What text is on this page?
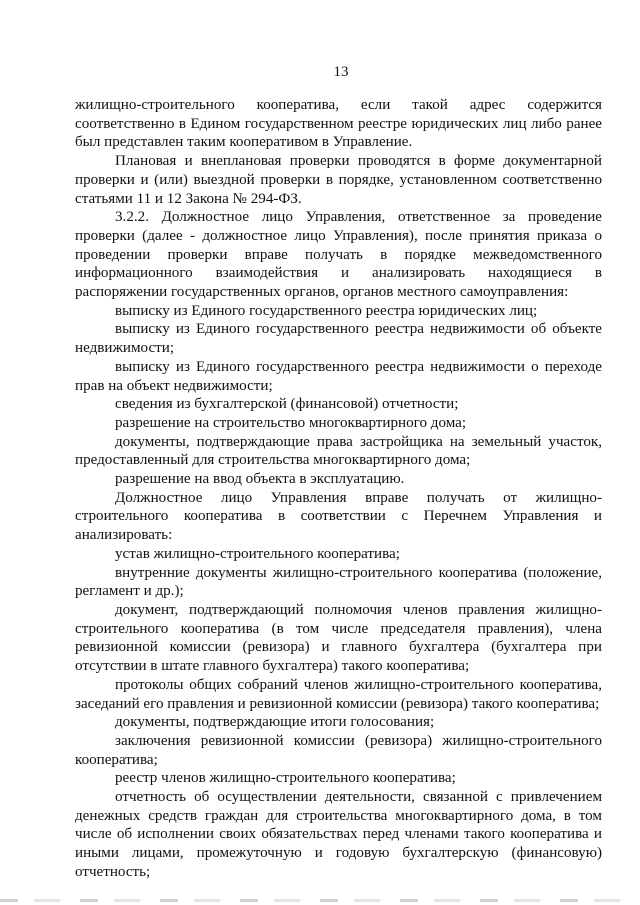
13

жилищно-строительного кооператива, если такой адрес содержится соответственно в Едином государственном реестре юридических лиц либо ранее был представлен таким кооперативом в Управление.

Плановая и внеплановая проверки проводятся в форме документарной проверки и (или) выездной проверки в порядке, установленном соответственно статьями 11 и 12 Закона № 294-ФЗ.

3.2.2. Должностное лицо Управления, ответственное за проведение проверки (далее - должностное лицо Управления), после принятия приказа о проведении проверки вправе получать в порядке межведомственного информационного взаимодействия и анализировать находящиеся в распоряжении государственных органов, органов местного самоуправления:

выписку из Единого государственного реестра юридических лиц;

выписку из Единого государственного реестра недвижимости об объекте недвижимости;

выписку из Единого государственного реестра недвижимости о переходе прав на объект недвижимости;

сведения из бухгалтерской (финансовой) отчетности;

разрешение на строительство многоквартирного дома;

документы, подтверждающие права застройщика на земельный участок, предоставленный для строительства многоквартирного дома;

разрешение на ввод объекта в эксплуатацию.

Должностное лицо Управления вправе получать от жилищно-строительного кооператива в соответствии с Перечнем Управления и анализировать:

устав жилищно-строительного кооператива;

внутренние документы жилищно-строительного кооператива (положение, регламент и др.);

документ, подтверждающий полномочия членов правления жилищно-строительного кооператива (в том числе председателя правления), члена ревизионной комиссии (ревизора) и главного бухгалтера (бухгалтера при отсутствии в штате главного бухгалтера) такого кооператива;

протоколы общих собраний членов жилищно-строительного кооператива, заседаний его правления и ревизионной комиссии (ревизора) такого кооператива;

документы, подтверждающие итоги голосования;

заключения ревизионной комиссии (ревизора) жилищно-строительного кооператива;

реестр членов жилищно-строительного кооператива;

отчетность об осуществлении деятельности, связанной с привлечением денежных средств граждан для строительства многоквартирного дома, в том числе об исполнении своих обязательствах перед членами такого кооператива и иными лицами, промежуточную и годовую бухгалтерскую (финансовую) отчетность;
